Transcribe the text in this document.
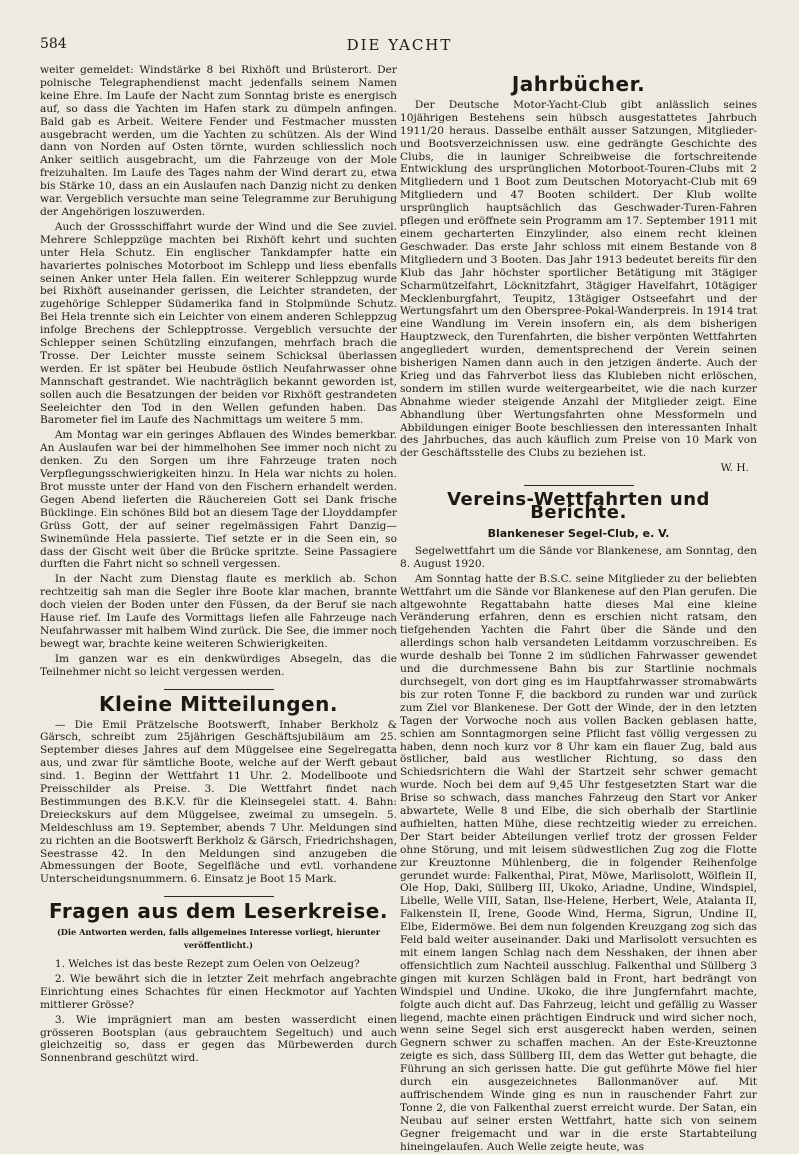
584	DIE YACHT

weiter gemeldet: Windstärke 8 bei Rixhöft und Brüsterort. Der polnische Telegraphendienst macht jedenfalls seinem Namen keine Ehre. Im Laufe der Nacht zum Sonntag briste es energisch auf, so dass die Yachten im Hafen stark zu dümpeln anfingen. Bald gab es Arbeit. Weitere Fender und Festmacher mussten ausgebracht werden, um die Yachten zu schützen. Als der Wind dann von Norden auf Osten törnte, wurden schliesslich noch Anker seitlich ausgebracht, um die Fahrzeuge von der Mole freizuhalten. Im Laufe des Tages nahm der Wind derart zu, etwa bis Stärke 10, dass an ein Auslaufen nach Danzig nicht zu denken war. Vergeblich versuchte man seine Telegramme zur Beruhigung der Angehörigen loszuwerden.

Auch der Grossschiffahrt wurde der Wind und die See zuviel. Mehrere Schleppzüge machten bei Rixhöft kehrt und suchten unter Hela Schutz. Ein englischer Tankdampfer hatte ein havariertes polnisches Motorboot im Schlepp und liess ebenfalls seinen Anker unter Hela fallen. Ein weiterer Schleppzug wurde bei Rixhöft auseinander gerissen, die Leichter strandeten, der zugehörige Schlepper Südamerika fand in Stolpmünde Schutz. Bei Hela trennte sich ein Leichter von einem anderen Schleppzug infolge Brechens der Schlepptrosse. Vergeblich versuchte der Schlepper seinen Schützling einzufangen, mehrfach brach die Trosse. Der Leichter musste seinem Schicksal überlassen werden. Er ist später bei Heubude östlich Neufahrwasser ohne Mannschaft gestrandet. Wie nachträglich bekannt geworden ist, sollen auch die Besatzungen der beiden vor Rixhöft gestrandeten Seeleichter den Tod in den Wellen gefunden haben. Das Barometer fiel im Laufe des Nachmittags um weitere 5 mm.

Am Montag war ein geringes Abflauen des Windes bemerkbar. An Auslaufen war bei der himmelhohen See immer noch nicht zu denken. Zu den Sorgen um ihre Fahrzeuge traten noch Verpflegungsschwierigkeiten hinzu. In Hela war nichts zu holen. Brot musste unter der Hand von den Fischern erhandelt werden. Gegen Abend lieferten die Räuchereien Gott sei Dank frische Bücklinge. Ein schönes Bild bot an diesem Tage der Lloyddampfer Grüss Gott, der auf seiner regelmässigen Fahrt Danzig—Swinemünde Hela passierte. Tief setzte er in die Seen ein, so dass der Gischt weit über die Brücke spritzte. Seine Passagiere durften die Fahrt nicht so schnell vergessen.

In der Nacht zum Dienstag flaute es merklich ab. Schon rechtzeitig sah man die Segler ihre Boote klar machen, brannte doch vielen der Boden unter den Füssen, da der Beruf sie nach Hause rief. Im Laufe des Vormittags liefen alle Fahrzeuge nach Neufahrwasser mit halbem Wind zurück. Die See, die immer noch bewegt war, brachte keine weiteren Schwierigkeiten.

Im ganzen war es ein denkwürdiges Absegeln, das die Teilnehmer nicht so leicht vergessen werden.

Kleine Mitteilungen.

— Die Emil Prätzelsche Bootswerft, Inhaber Berkholz & Gärsch, schreibt zum 25jährigen Geschäftsjubiläum am 25. September dieses Jahres auf dem Müggelsee eine Segelregatta aus, und zwar für sämtliche Boote, welche auf der Werft gebaut sind. 1. Beginn der Wettfahrt 11 Uhr. 2. Modellboote und Preisschilder als Preise. 3. Die Wettfahrt findet nach Bestimmungen des B.K.V. für die Kleinsegelei statt. 4. Bahn: Dreieckskurs auf dem Müggelsee, zweimal zu umsegeln. 5. Meldeschluss am 19. September, abends 7 Uhr. Meldungen sind zu richten an die Bootswerft Berkholz & Gärsch, Friedrichshagen, Seestrasse 42. In den Meldungen sind anzugeben die Abmessungen der Boote, Segelfläche und evtl. vorhandene Unterscheidungsnummern. 6. Einsatz je Boot 15 Mark.

Fragen aus dem Leserkreise.
(Die Antworten werden, falls allgemeines Interesse vorliegt, hierunter veröffentlicht.)

1. Welches ist das beste Rezept zum Oelen von Oelzeug?

2. Wie bewährt sich die in letzter Zeit mehrfach angebrachte Einrichtung eines Schachtes für einen Heckmotor auf Yachten mittlerer Grösse?

3. Wie imprägniert man am besten wasserdicht einen grösseren Bootsplan (aus gebrauchtem Segeltuch) und auch gleichzeitig so, dass er gegen das Mürbewerden durch Sonnenbrand geschützt wird.

Jahrbücher.

Der Deutsche Motor-Yacht-Club gibt anlässlich seines 10jährigen Bestehens sein hübsch ausgestattetes Jahrbuch 1911/20 heraus. Dasselbe enthält ausser Satzungen, Mitglieder- und Bootsverzeichnissen usw. eine gedrängte Geschichte des Clubs, die in launiger Schreibweise die fortschreitende Entwicklung des ursprünglichen Motorboot-Touren-Clubs mit 2 Mitgliedern und 1 Boot zum Deutschen Motoryacht-Club mit 69 Mitgliedern und 47 Booten schildert. Der Klub wollte ursprünglich hauptsächlich das Geschwader-Turen-Fahren pflegen und eröffnete sein Programm am 17. September 1911 mit einem gecharterten Einzylinder, also einem recht kleinen Geschwader. Das erste Jahr schloss mit einem Bestande von 8 Mitgliedern und 3 Booten. Das Jahr 1913 bedeutet bereits für den Klub das Jahr höchster sportlicher Betätigung mit 3tägiger Scharmützelfahrt, Löcknitzfahrt, 3tägiger Havelfahrt, 10tägiger Mecklenburgfahrt, Teupitz, 13tägiger Ostseefahrt und der Wertungsfahrt um den Oberspree-Pokal-Wanderpreis. In 1914 trat eine Wandlung im Verein insofern ein, als dem bisherigen Hauptzweck, den Turenfahrten, die bisher verpönten Wettfahrten angegliedert wurden, dementsprechend der Verein seinen bisherigen Namen dann auch in den jetzigen änderte. Auch der Krieg und das Fahrverbot liess das Klubleben nicht erlöschen, sondern im stillen wurde weitergearbeitet, wie die nach kurzer Abnahme wieder steigende Anzahl der Mitglieder zeigt. Eine Abhandlung über Wertungsfahrten ohne Messformeln und Abbildungen einiger Boote beschliessen den interessanten Inhalt des Jahrbuches, das auch käuflich zum Preise von 10 Mark von der Geschäftsstelle des Clubs zu beziehen ist.

W. H.

Vereins-Wettfahrten und Berichte.
Blankeneser Segel-Club, e. V.

Segelwettfahrt um die Sände vor Blankenese, am Sonntag, den 8. August 1920.

Am Sonntag hatte der B.S.C. seine Mitglieder zu der beliebten Wettfahrt um die Sände vor Blankenese auf den Plan gerufen. Die altgewohnte Regattabahn hatte dieses Mal eine kleine Veränderung erfahren, denn es erschien nicht ratsam, den tiefgehenden Yachten die Fahrt über die Sände und den allerdings schon halb versandeten Leitdamm vorzuschreiben. Es wurde deshalb bei Tonne 2 im südlichen Fahrwasser gewendet und die durchmessene Bahn bis zur Startlinie nochmals durchsegelt, von dort ging es im Hauptfahrwasser stromabwärts bis zur roten Tonne F, die backbord zu runden war und zurück zum Ziel vor Blankenese. Der Gott der Winde, der in den letzten Tagen der Vorwoche noch aus vollen Backen geblasen hatte, schien am Sonntagmorgen seine Pflicht fast völlig vergessen zu haben, denn noch kurz vor 8 Uhr kam ein flauer Zug, bald aus östlicher, bald aus westlicher Richtung, so dass den Schiedsrichtern die Wahl der Startzeit sehr schwer gemacht wurde. Noch bei dem auf 9,45 Uhr festgesetzten Start war die Brise so schwach, dass manches Fahrzeug den Start vor Anker abwartete, Welle 8 und Elbe, die sich oberhalb der Startlinie aufhielten, hatten Mühe, diese rechtzeitig wieder zu erreichen. Der Start beider Abteilungen verlief trotz der grossen Felder ohne Störung, und mit leisem südwestlichen Zug zog die Flotte zur Kreuztonne Mühlenberg, die in folgender Reihenfolge gerundet wurde: Falkenthal, Pirat, Möwe, Marlisolott, Wölflein II, Ole Hop, Daki, Süllberg III, Ukoko, Ariadne, Undine, Windspiel, Libelle, Welle VIII, Satan, Ilse-Helene, Herbert, Wele, Atalanta II, Falkenstein II, Irene, Goode Wind, Herma, Sigrun, Undine II, Elbe, Eidermöwe. Bei dem nun folgenden Kreuzgang zog sich das Feld bald weiter auseinander. Daki und Marlisolott versuchten es mit einem langen Schlag nach dem Nesshaken, der ihnen aber offensichtlich zum Nachteil ausschlug. Falkenthal und Süllberg 3 gingen mit kurzen Schlägen bald in Front, hart bedrängt von Windspiel und Undine. Ukoko, die ihre Jungfernfahrt machte, folgte auch dicht auf. Das Fahrzeug, leicht und gefällig zu Wasser liegend, machte einen prächtigen Eindruck und wird sicher noch, wenn seine Segel sich erst ausgereckt haben werden, seinen Gegnern schwer zu schaffen machen. An der Este-Kreuztonne zeigte es sich, dass Süllberg III, dem das Wetter gut behagte, die Führung an sich gerissen hatte. Die gut geführte Möwe fiel hier durch ein ausgezeichnetes Ballonmanöver auf. Mit auffrischendem Winde ging es nun in rauschender Fahrt zur Tonne 2, die von Falkenthal zuerst erreicht wurde. Der Satan, ein Neubau auf seiner ersten Wettfahrt, hatte sich von seinem Gegner freigemacht und war in die erste Startabteilung hineingelaufen. Auch Welle zeigte heute, was
